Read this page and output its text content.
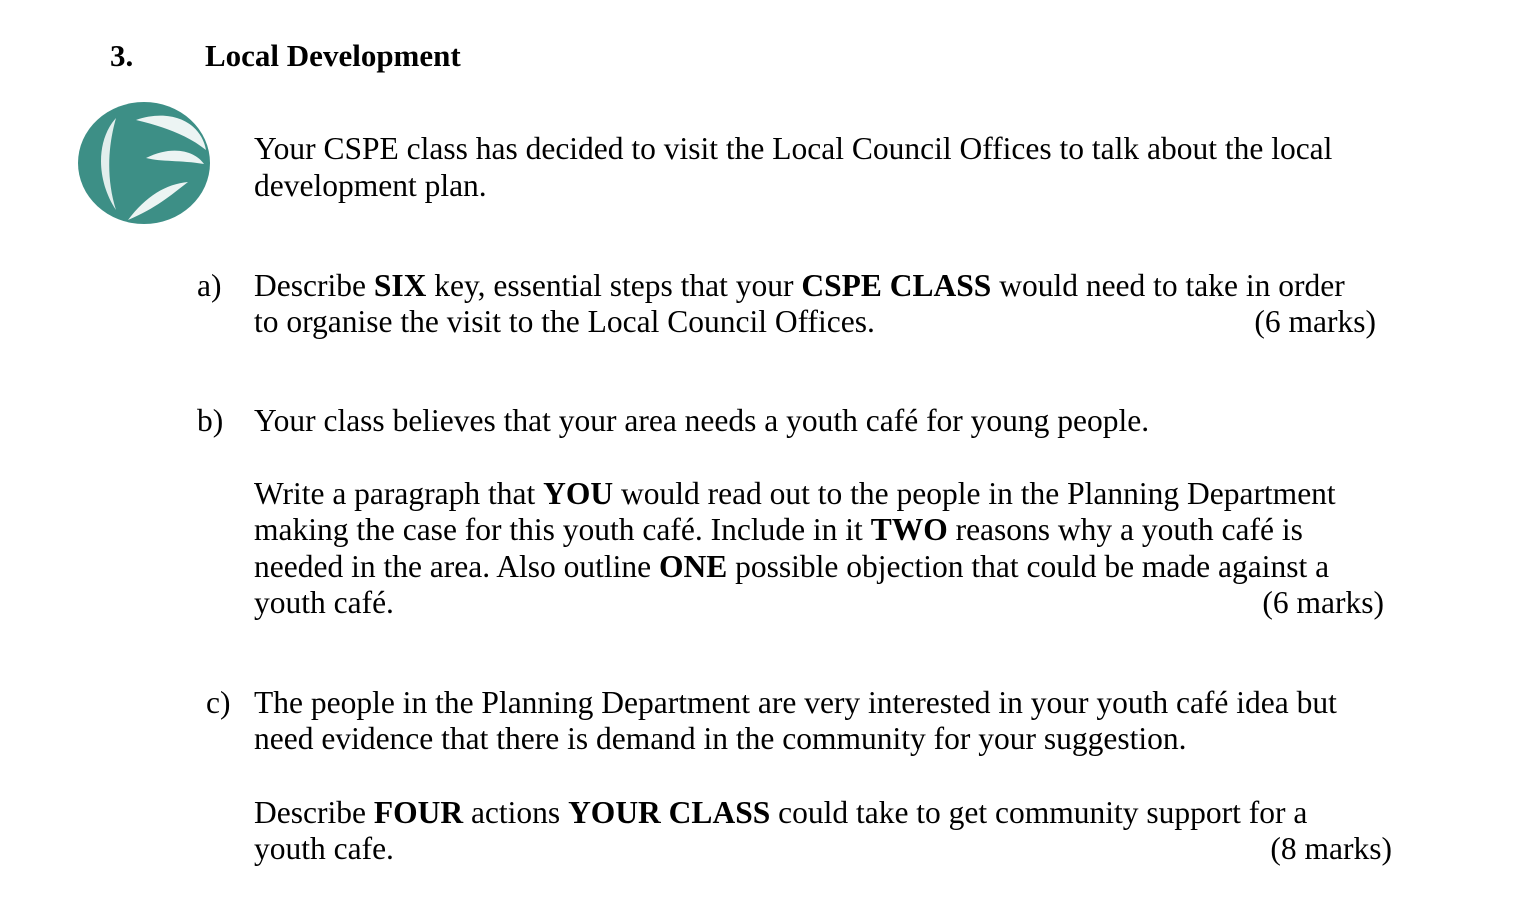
3. Local Development
Your CSPE class has decided to visit the Local Council Offices to talk about the local
development plan.
a) Describe SIX key, essential steps that your CSPE CLASS would need to take in order
to organise the visit to the Local Council Offices.	(6 marks)
b) Your class believes that your area needs a youth café for young people.
Write a paragraph that YOU would read out to the people in the Planning Department
making the case for this youth café. Include in it TWO reasons why a youth café is
needed in the area. Also outline ONE possible objection that could be made against a
youth café.	(6 marks)
c) The people in the Planning Department are very interested in your youth café idea but
need evidence that there is demand in the community for your suggestion.
Describe FOUR actions YOUR CLASS could take to get community support for a
youth cafe.	(8 marks)
